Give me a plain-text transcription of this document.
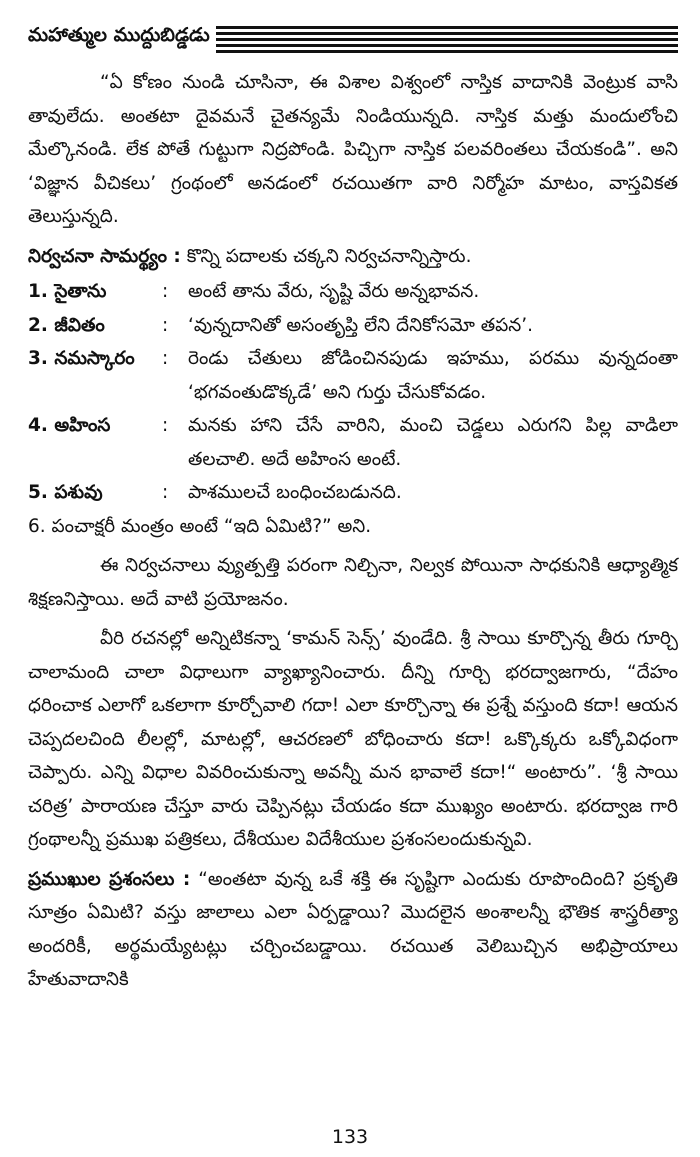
మహాత్ముల ముద్దుబిడ్డడు

“ఏ కోణం నుండి చూసినా, ఈ విశాల విశ్వంలో నాస్తిక వాదానికి వెంట్రుక వాసి తావులేదు. అంతటా దైవమనే చైతన్యమే నిండియున్నది. నాస్తిక మత్తు మందులోంచి మేల్కొనండి. లేక పోతే గుట్టుగా నిద్రపోండి. పిచ్చిగా నాస్తిక పలవరింతలు చేయకండి”. అని ‘విజ్ఞాన వీచికలు’ గ్రంథంలో అనడంలో రచయితగా వారి నిర్మోహ మాటం, వాస్తవికత తెలుస్తున్నది.

నిర్వచనా సామర్థ్యం : కొన్ని పదాలకు చక్కని నిర్వచనాన్నిస్తారు.

1. సైతాను	:	అంటే తాను వేరు, సృష్టి వేరు అన్నభావన.
2. జీవితం	:	‘వున్నదానితో అసంతృప్తి లేని దేనికోసమో తపన’.
3. నమస్కారం	:	రెండు చేతులు జోడించినపుడు ఇహము, పరము వున్నదంతా ‘భగవంతుడొక్కడే’ అని గుర్తు చేసుకోవడం.
4. అహింస	:	మనకు హాని చేసే వారిని, మంచి చెడ్డలు ఎరుగని పిల్ల వాడిలా తలచాలి. అదే అహింస అంటే.
5. పశువు	:	పాశములచే బంధించబడునది.
6. పంచాక్షరీ మంత్రం అంటే “ఇది ఏమిటి?” అని.

ఈ నిర్వచనాలు వ్యుత్పత్తి పరంగా నిల్చినా, నిల్వక పోయినా సాధకునికి ఆధ్యాత్మిక శిక్షణనిస్తాయి. అదే వాటి ప్రయోజనం.

వీరి రచనల్లో అన్నిటికన్నా ‘కామన్ సెన్స్’ వుండేది. శ్రీ సాయి కూర్చొన్న తీరు గూర్చి చాలామంది చాలా విధాలుగా వ్యాఖ్యానించారు. దీన్ని గూర్చి భరద్వాజగారు, “దేహం ధరించాక ఎలాగో ఒకలాగా కూర్చోవాలి గదా! ఎలా కూర్చొన్నా ఈ ప్రశ్నే వస్తుంది కదా! ఆయన చెప్పదలచింది లీలల్లో, మాటల్లో, ఆచరణలో బోధించారు కదా! ఒక్కొక్కరు ఒక్కోవిధంగా చెప్పారు. ఎన్ని విధాల వివరించుకున్నా అవన్నీ మన భావాలే కదా!“ అంటారు”. ‘శ్రీ సాయి చరిత్ర’ పారాయణ చేస్తూ వారు చెప్పినట్లు చేయడం కదా ముఖ్యం అంటారు. భరద్వాజ గారి గ్రంథాలన్నీ ప్రముఖ పత్రికలు, దేశీయుల విదేశీయుల ప్రశంసలందుకున్నవి.

ప్రముఖుల ప్రశంసలు : “అంతటా వున్న ఒకే శక్తి ఈ సృష్టిగా ఎందుకు రూపొందింది? ప్రకృతి సూత్రం ఏమిటి? వస్తు జాలాలు ఎలా ఏర్పడ్డాయి? మొదలైన అంశాలన్నీ భౌతిక శాస్త్రరీత్యా అందరికీ, అర్థమయ్యేటట్లు చర్చించబడ్డాయి. రచయిత వెలిబుచ్చిన అభిప్రాయాలు హేతువాదానికి

133
